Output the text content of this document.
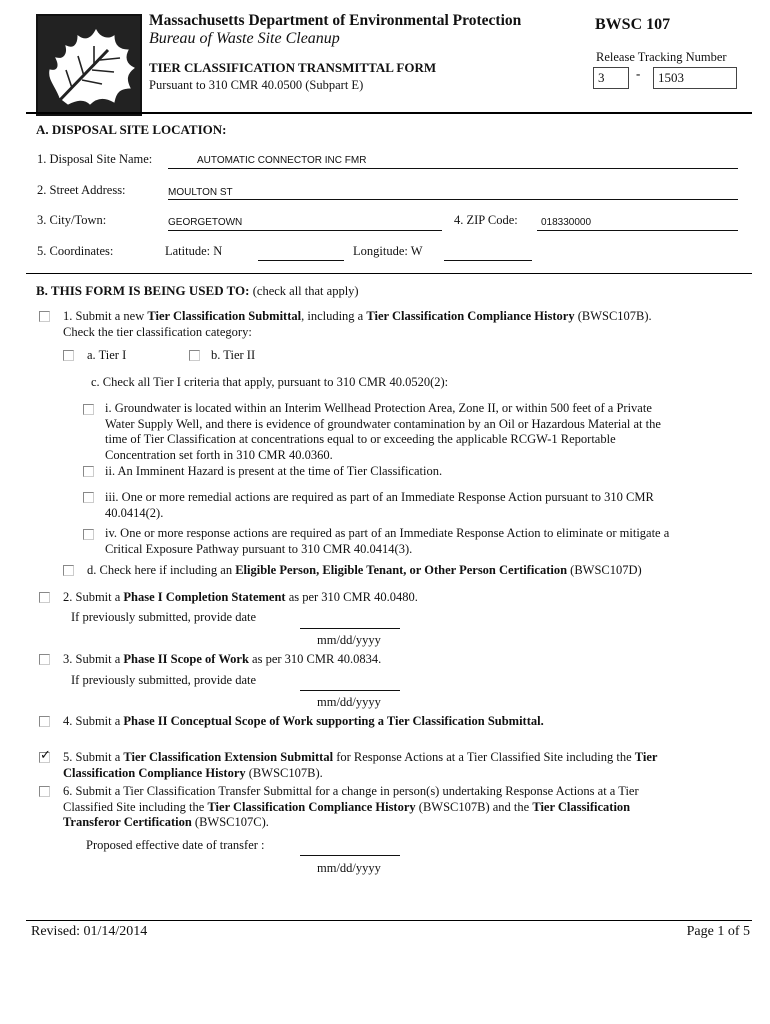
Massachusetts Department of Environmental Protection
Bureau of Waste Site Cleanup
TIER CLASSIFICATION TRANSMITTAL FORM
Pursuant to 310 CMR 40.0500 (Subpart E)
BWSC 107
Release Tracking Number
3	-	1503
A. DISPOSAL SITE LOCATION:
1. Disposal Site Name:	AUTOMATIC CONNECTOR INC FMR
2. Street Address:	MOULTON ST
3. City/Town:	GEORGETOWN	4. ZIP Code: 018330000
5. Coordinates:	Latitude: N	Longitude: W
B. THIS FORM IS BEING USED TO: (check all that apply)
1. Submit a new Tier Classification Submittal, including a Tier Classification Compliance History (BWSC107B).
Check the tier classification category:
a. Tier I	b. Tier II
c. Check all Tier I criteria that apply, pursuant to 310 CMR 40.0520(2):
i. Groundwater is located within an Interim Wellhead Protection Area, Zone II, or within 500 feet of a Private
Water Supply Well, and there is evidence of groundwater contamination by an Oil or Hazardous Material at the
time of Tier Classification at concentrations equal to or exceeding the applicable RCGW-1 Reportable
Concentration set forth in 310 CMR 40.0360.
ii. An Imminent Hazard is present at the time of Tier Classification.
iii. One or more remedial actions are required as part of an Immediate Response Action pursuant to 310 CMR
40.0414(2).
iv. One or more response actions are required as part of an Immediate Response Action to eliminate or mitigate a
Critical Exposure Pathway pursuant to 310 CMR 40.0414(3).
d. Check here if including an Eligible Person, Eligible Tenant, or Other Person Certification (BWSC107D)
2. Submit a Phase I Completion Statement as per 310 CMR 40.0480.
If previously submitted, provide date
mm/dd/yyyy
3. Submit a Phase II Scope of Work as per 310 CMR 40.0834.
If previously submitted, provide date
mm/dd/yyyy
4. Submit a Phase II Conceptual Scope of Work supporting a Tier Classification Submittal.
✓
5. Submit a Tier Classification Extension Submittal for Response Actions at a Tier Classified Site including the Tier
Classification Compliance History (BWSC107B).
6. Submit a Tier Classification Transfer Submittal for a change in person(s) undertaking Response Actions at a Tier
Classified Site including the Tier Classification Compliance History (BWSC107B) and the Tier Classification
Transferor Certification (BWSC107C).
Proposed effective date of transfer :
mm/dd/yyyy
Revised: 01/14/2014	Page 1 of 5
